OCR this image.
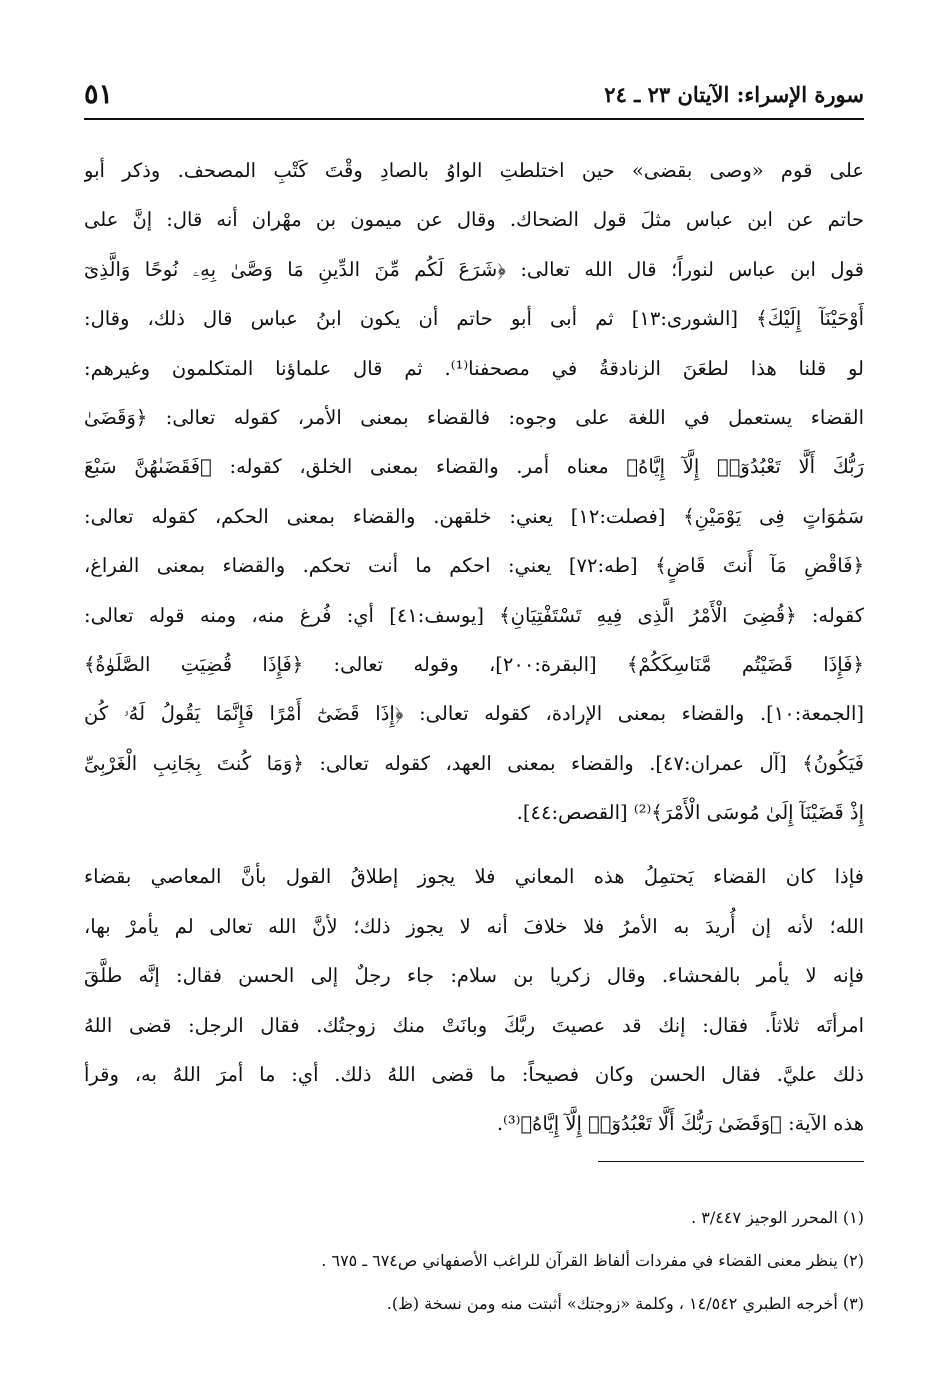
سورة الإسراء: الآيتان ٢٣ ـ ٢٤
٥١
على قوم «وصى بقضى» حين اختلطتِ الواوُ بالصادِ وقْتَ كَتْبِ المصحف. وذكر أبو
حاتم عن ابن عباس مثلَ قول الضحاك. وقال عن ميمون بن مهْران أنه قال: إنَّ على
قول ابن عباس لنوراً؛ قال الله تعالى: ﴿شَرَعَ لَكُم مِّنَ الدِّينِ مَا وَصَّىٰ بِهِۦ نُوحًا وَالَّذِىٓ
أَوْحَيْنَآ إِلَيْكَ﴾ [الشورى:١٣] ثم أبى أبو حاتم أن يكون ابنُ عباس قال ذلك، وقال:
لو قلنا هذا لطعَنَ الزنادقةُ في مصحفنا⁽¹⁾. ثم قال علماؤنا المتكلمون وغيرهم:
القضاء يستعمل في اللغة على وجوه: فالقضاء بمعنى الأمر، كقوله تعالى: ﴿وَقَضَىٰ
رَبُّكَ أَلَّا تَعْبُدُوٓا۟ إِلَّآ إِيَّاهُ﴾ معناه أمر. والقضاء بمعنى الخلق، كقوله: ﴿فَقَضَىٰهُنَّ سَبْعَ
سَمَٰوَاتٍ فِى يَوْمَيْنِ﴾ [فصلت:١٢] يعني: خلقهن. والقضاء بمعنى الحكم، كقوله تعالى:
﴿فَاقْضِ مَآ أَنتَ قَاضٍ﴾ [طه:٧٢] يعني: احكم ما أنت تحكم. والقضاء بمعنى الفراغ،
كقوله: ﴿قُضِىَ الْأَمْرُ الَّذِى فِيهِ تَسْتَفْتِيَانِ﴾ [يوسف:٤١] أي: فُرغ منه، ومنه قوله تعالى:
﴿فَإِذَا قَضَيْتُم مَّنَاسِكَكُمْ﴾ [البقرة:٢٠٠]، وقوله تعالى: ﴿فَإِذَا قُضِيَتِ الصَّلَوٰةُ﴾
[الجمعة:١٠]. والقضاء بمعنى الإرادة، كقوله تعالى: ﴿إِذَا قَضَىٰٓ أَمْرًا فَإِنَّمَا يَقُولُ لَهُۥ كُن
فَيَكُونُ﴾ [آل عمران:٤٧]. والقضاء بمعنى العهد، كقوله تعالى: ﴿وَمَا كُنتَ بِجَانِبِ الْغَرْبِىِّ
إِذْ قَضَيْنَآ إِلَىٰ مُوسَى الْأَمْرَ﴾⁽²⁾ [القصص:٤٤].
فإذا كان القضاء يَحتمِلُ هذه المعاني فلا يجوز إطلاقُ القول بأنَّ المعاصي بقضاء
الله؛ لأنه إن أُريدَ به الأمرُ فلا خلافَ أنه لا يجوز ذلك؛ لأنَّ الله تعالى لم يأمرْ بها،
فإنه لا يأمر بالفحشاء. وقال زكريا بن سلام: جاء رجلٌ إلى الحسن فقال: إنَّه طلَّقَ
امرأتَه ثلاثاً. فقال: إنك قد عصيتَ ربَّكَ وبانَتْ منك زوجتُك. فقال الرجل: قضى اللهُ
ذلك عليَّ. فقال الحسن وكان فصيحاً: ما قضى اللهُ ذلك. أي: ما أمرَ اللهُ به، وقرأ
هذه الآية: ﴿وَقَضَىٰ رَبُّكَ أَلَّا تَعْبُدُوٓا۟ إِلَّآ إِيَّاهُ﴾⁽³⁾.
(١) المحرر الوجيز ٣/٤٤٧ .
(٢) ينظر معنى القضاء في مفردات ألفاظ القرآن للراغب الأصفهاني ص٦٧٤ ـ ٦٧٥ .
(٣) أخرجه الطبري ١٤/٥٤٢ ، وكلمة «زوجتك» أثبتت منه ومن نسخة (ظ).
